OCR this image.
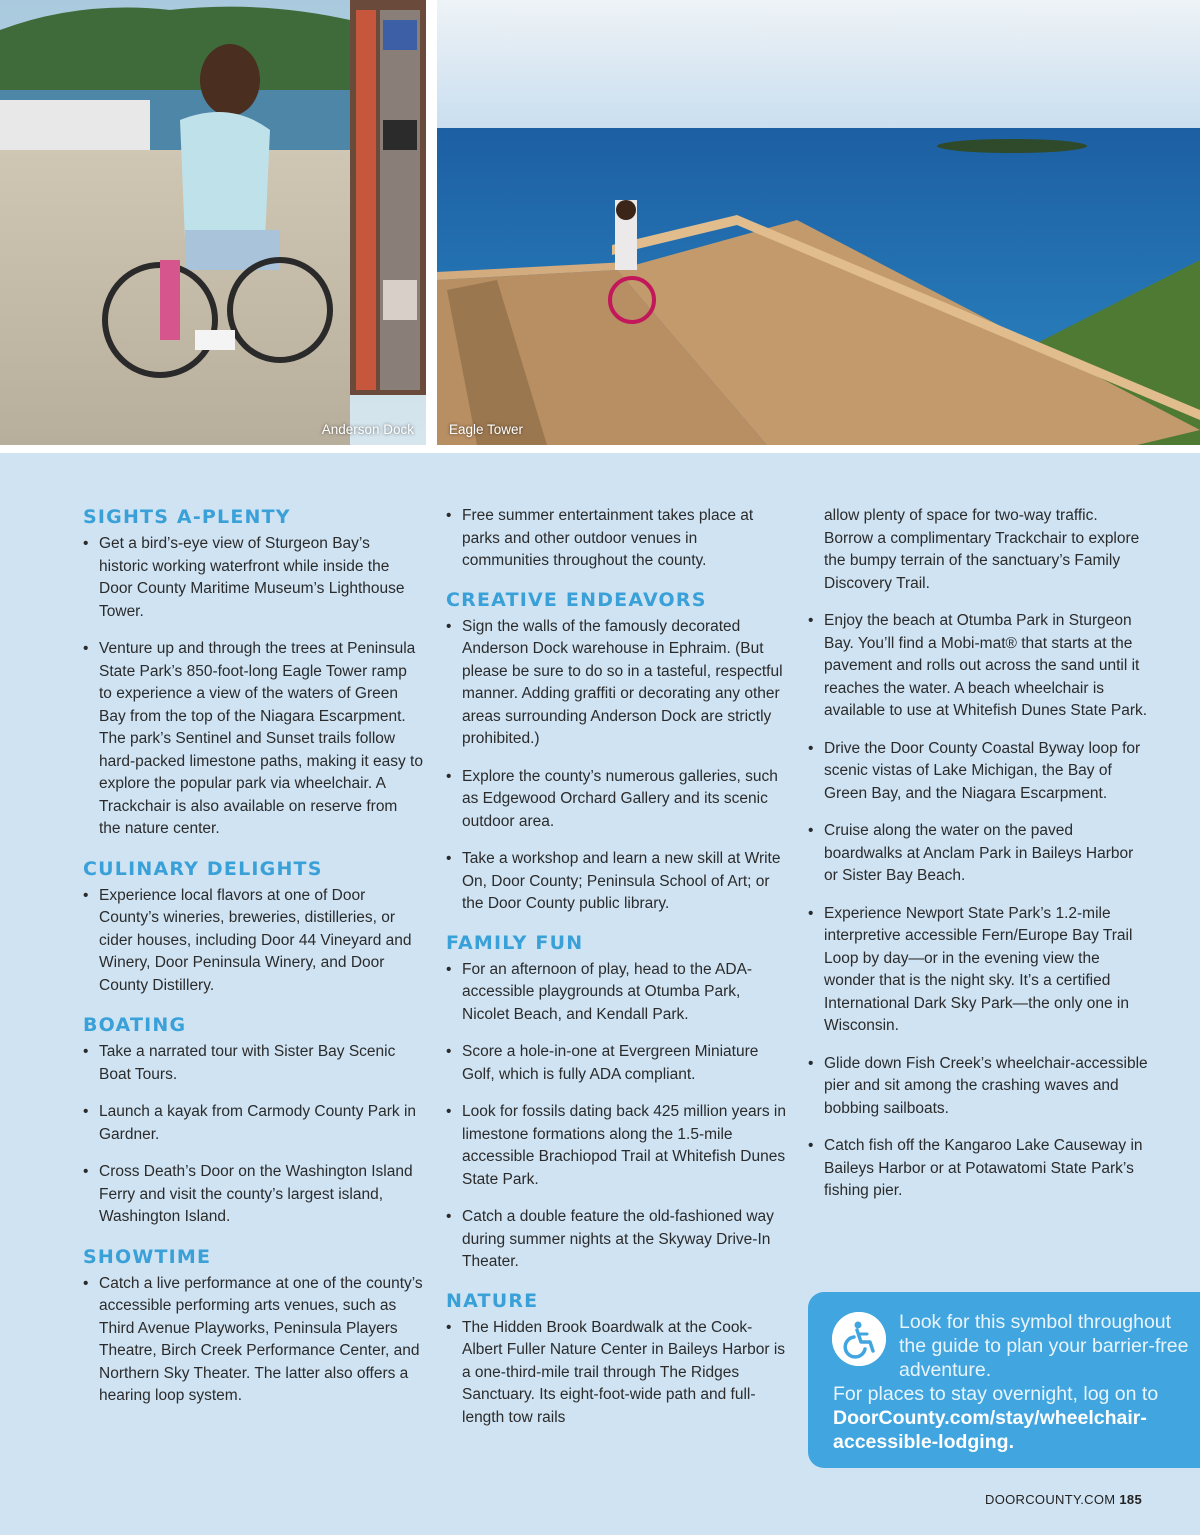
Anderson Dock	Eagle Tower
SIGHTS A-PLENTY
• Get a bird’s-eye view of Sturgeon Bay’s historic working waterfront while inside the Door County Maritime Museum’s Lighthouse Tower.
• Venture up and through the trees at Peninsula State Park’s 850-foot-long Eagle Tower ramp to experience a view of the waters of Green Bay from the top of the Niagara Escarpment. The park’s Sentinel and Sunset trails follow hard-packed limestone paths, making it easy to explore the popular park via wheelchair. A Trackchair is also available on reserve from the nature center.
CULINARY DELIGHTS
• Experience local flavors at one of Door County’s wineries, breweries, distilleries, or cider houses, including Door 44 Vineyard and Winery, Door Peninsula Winery, and Door County Distillery.
BOATING
• Take a narrated tour with Sister Bay Scenic Boat Tours.
• Launch a kayak from Carmody County Park in Gardner.
• Cross Death’s Door on the Washington Island Ferry and visit the county’s largest island, Washington Island.
SHOWTIME
• Catch a live performance at one of the county’s accessible performing arts venues, such as Third Avenue Playworks, Peninsula Players Theatre, Birch Creek Performance Center, and Northern Sky Theater. The latter also offers a hearing loop system.
• Free summer entertainment takes place at parks and other outdoor venues in communities throughout the county.
CREATIVE ENDEAVORS
• Sign the walls of the famously decorated Anderson Dock warehouse in Ephraim. (But please be sure to do so in a tasteful, respectful manner. Adding graffiti or decorating any other areas surrounding Anderson Dock are strictly prohibited.)
• Explore the county’s numerous galleries, such as Edgewood Orchard Gallery and its scenic outdoor area.
• Take a workshop and learn a new skill at Write On, Door County; Peninsula School of Art; or the Door County public library.
FAMILY FUN
• For an afternoon of play, head to the ADA-accessible playgrounds at Otumba Park, Nicolet Beach, and Kendall Park.
• Score a hole-in-one at Evergreen Miniature Golf, which is fully ADA compliant.
• Look for fossils dating back 425 million years in limestone formations along the 1.5-mile accessible Brachiopod Trail at Whitefish Dunes State Park.
• Catch a double feature the old-fashioned way during summer nights at the Skyway Drive-In Theater.
NATURE
• The Hidden Brook Boardwalk at the Cook-Albert Fuller Nature Center in Baileys Harbor is a one-third-mile trail through The Ridges Sanctuary. Its eight-foot-wide path and full-length tow rails
allow plenty of space for two-way traffic. Borrow a complimentary Trackchair to explore the bumpy terrain of the sanctuary’s Family Discovery Trail.
• Enjoy the beach at Otumba Park in Sturgeon Bay. You’ll find a Mobi-mat® that starts at the pavement and rolls out across the sand until it reaches the water. A beach wheelchair is available to use at Whitefish Dunes State Park.
• Drive the Door County Coastal Byway loop for scenic vistas of Lake Michigan, the Bay of Green Bay, and the Niagara Escarpment.
• Cruise along the water on the paved boardwalks at Anclam Park in Baileys Harbor or Sister Bay Beach.
• Experience Newport State Park’s 1.2-mile interpretive accessible Fern/Europe Bay Trail Loop by day—or in the evening view the wonder that is the night sky. It’s a certified International Dark Sky Park—the only one in Wisconsin.
• Glide down Fish Creek’s wheelchair-accessible pier and sit among the crashing waves and bobbing sailboats.
• Catch fish off the Kangaroo Lake Causeway in Baileys Harbor or at Potawatomi State Park’s fishing pier.
Look for this symbol throughout the guide to plan your barrier-free adventure.
For places to stay overnight, log on to DoorCounty.com/stay/wheelchair-accessible-lodging.
DOORCOUNTY.COM 185
